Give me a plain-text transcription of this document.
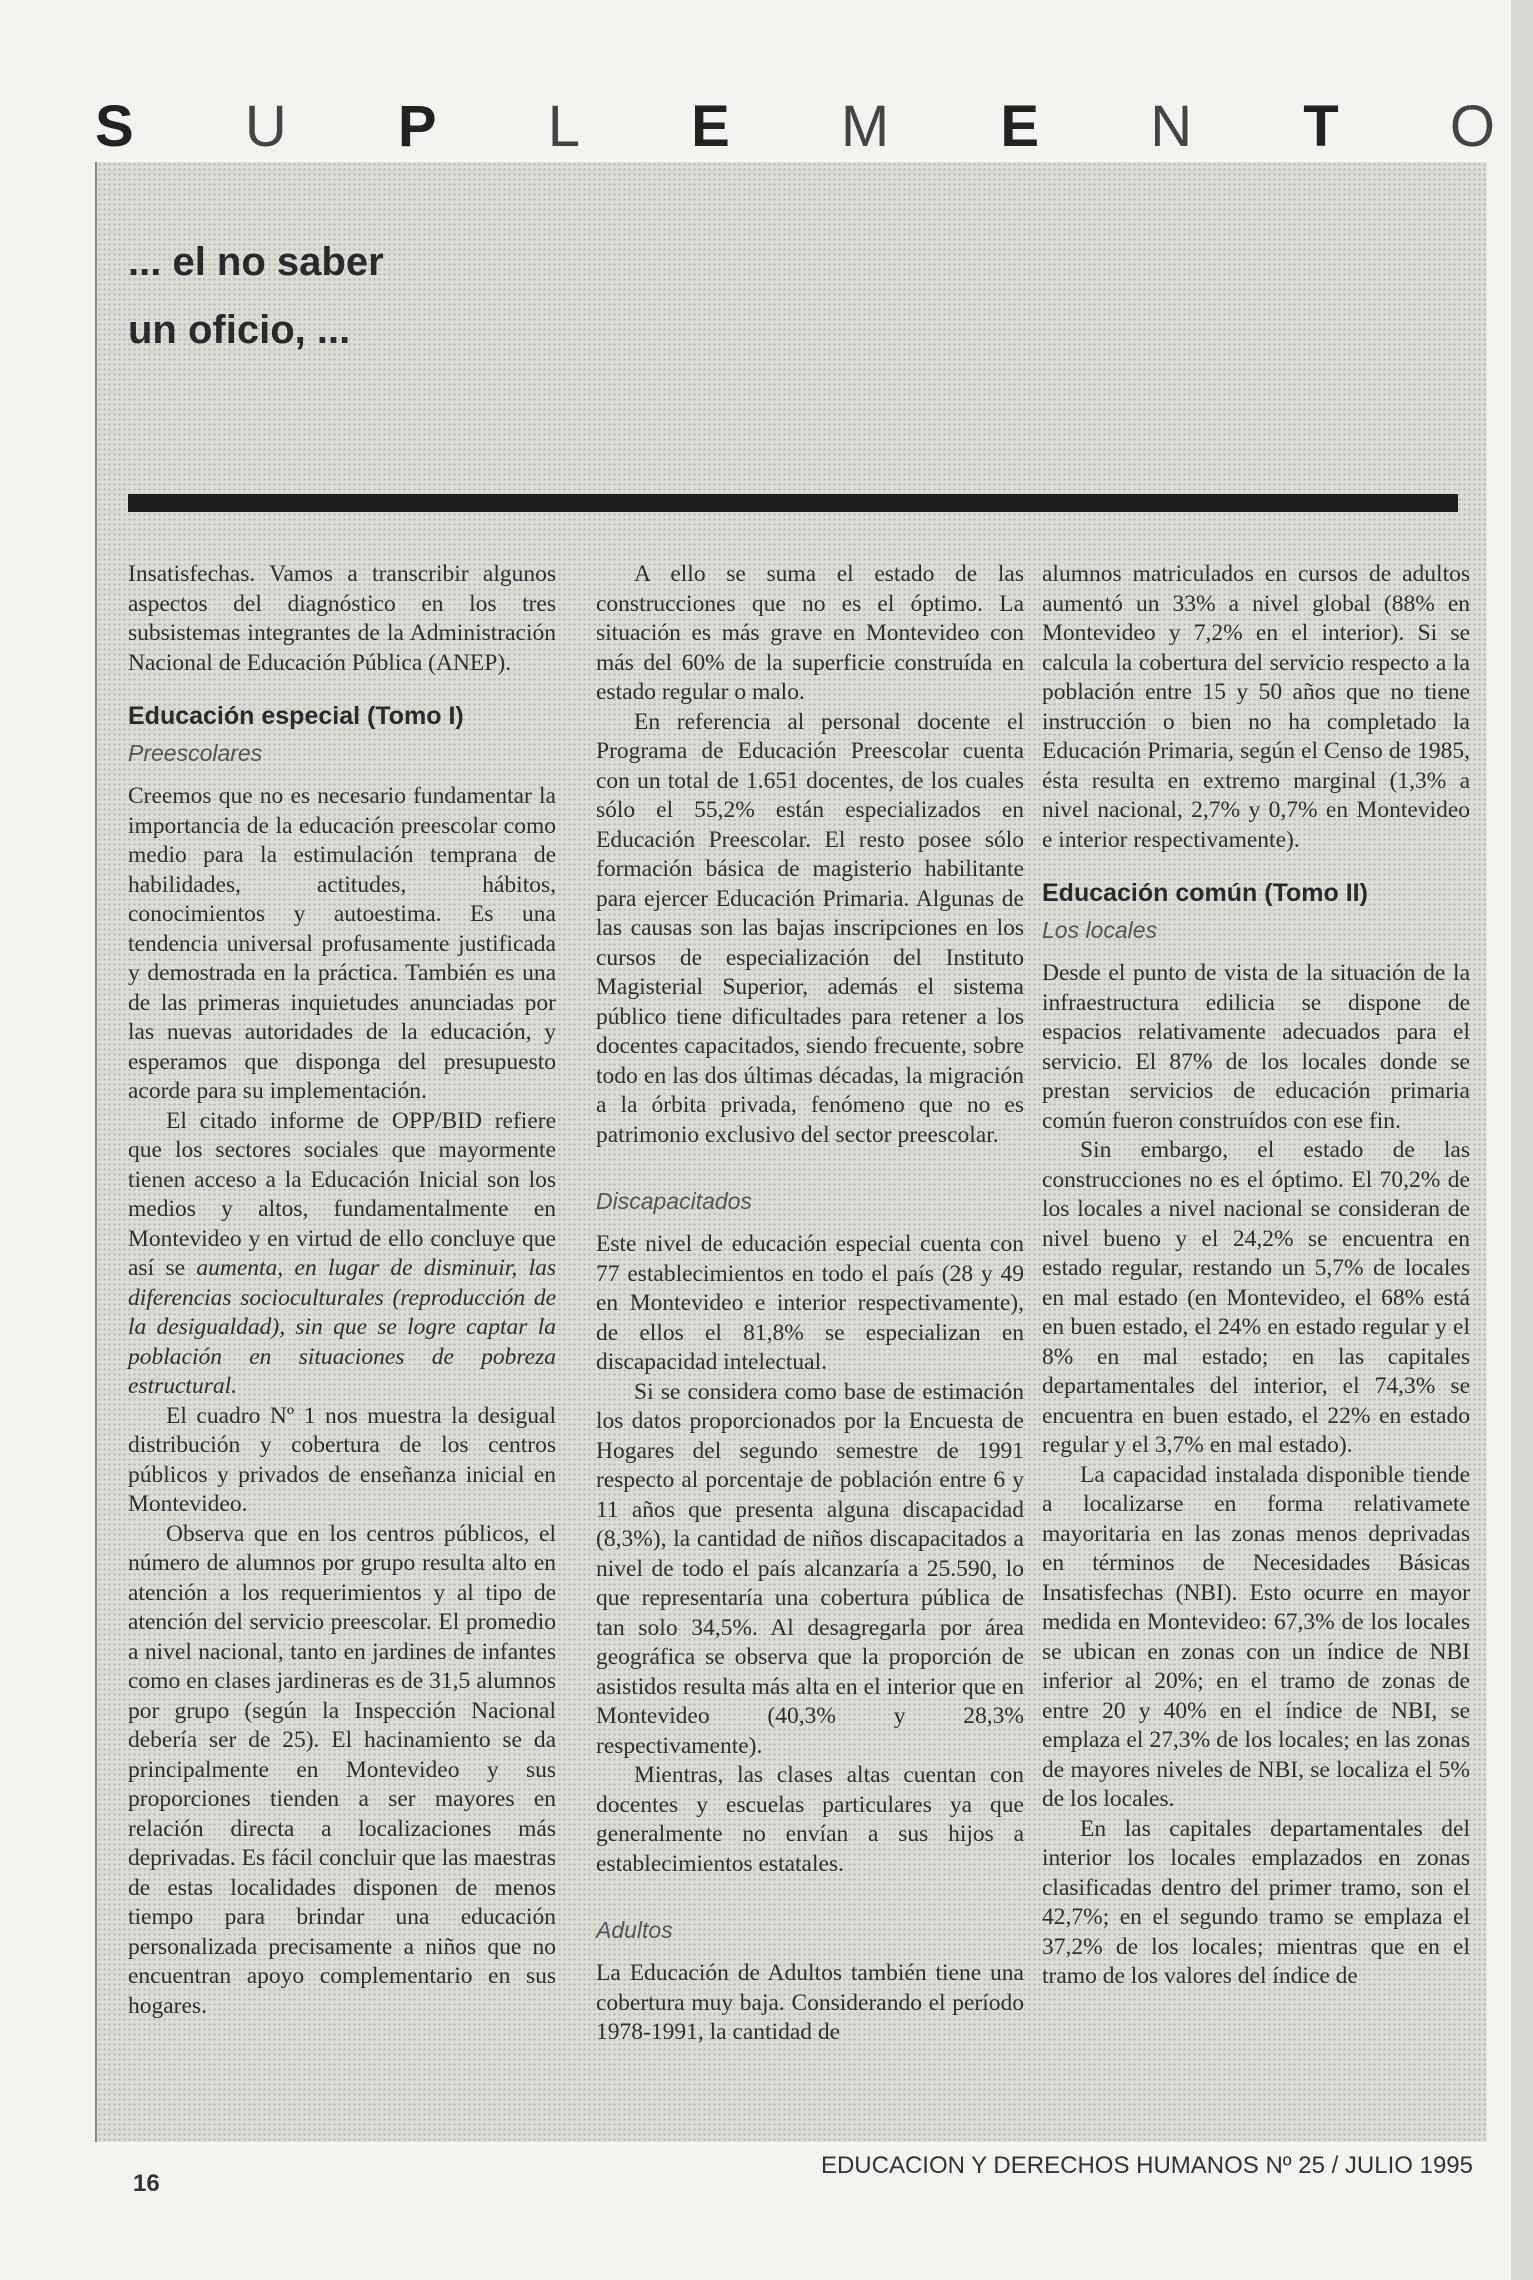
S U P L E M E N T O
... el no saber
un oficio, ...

Insatisfechas. Vamos a transcribir algunos aspectos del diagnóstico en los tres subsistemas integrantes de la Administración Nacional de Educación Pública (ANEP).

Educación especial (Tomo I)
Preescolares

Creemos que no es necesario fundamentar la importancia de la educación preescolar como medio para la estimulación temprana de habilidades, actitudes, hábitos, conocimientos y autoestima. Es una tendencia universal profusamente justificada y demostrada en la práctica. También es una de las primeras inquietudes anunciadas por las nuevas autoridades de la educación, y esperamos que disponga del presupuesto acorde para su implementación.

El citado informe de OPP/BID refiere que los sectores sociales que mayormente tienen acceso a la Educación Inicial son los medios y altos, fundamentalmente en Montevideo y en virtud de ello concluye que así se aumenta, en lugar de disminuir, las diferencias socioculturales (reproducción de la desigualdad), sin que se logre captar la población en situaciones de pobreza estructural.

El cuadro Nº 1 nos muestra la desigual distribución y cobertura de los centros públicos y privados de enseñanza inicial en Montevideo.

Observa que en los centros públicos, el número de alumnos por grupo resulta alto en atención a los requerimientos y al tipo de atención del servicio preescolar. El promedio a nivel nacional, tanto en jardines de infantes como en clases jardineras es de 31,5 alumnos por grupo (según la Inspección Nacional debería ser de 25). El hacinamiento se da principalmente en Montevideo y sus proporciones tienden a ser mayores en relación directa a localizaciones más deprivadas. Es fácil concluir que las maestras de estas localidades disponen de menos tiempo para brindar una educación personalizada precisamente a niños que no encuentran apoyo complementario en sus hogares.

A ello se suma el estado de las construcciones que no es el óptimo. La situación es más grave en Montevideo con más del 60% de la superficie construída en estado regular o malo.

En referencia al personal docente el Programa de Educación Preescolar cuenta con un total de 1.651 docentes, de los cuales sólo el 55,2% están especializados en Educación Preescolar. El resto posee sólo formación básica de magisterio habilitante para ejercer Educación Primaria. Algunas de las causas son las bajas inscripciones en los cursos de especialización del Instituto Magisterial Superior, además el sistema público tiene dificultades para retener a los docentes capacitados, siendo frecuente, sobre todo en las dos últimas décadas, la migración a la órbita privada, fenómeno que no es patrimonio exclusivo del sector preescolar.

Discapacitados

Este nivel de educación especial cuenta con 77 establecimientos en todo el país (28 y 49 en Montevideo e interior respectivamente), de ellos el 81,8% se especializan en discapacidad intelectual.

Si se considera como base de estimación los datos proporcionados por la Encuesta de Hogares del segundo semestre de 1991 respecto al porcentaje de población entre 6 y 11 años que presenta alguna discapacidad (8,3%), la cantidad de niños discapacitados a nivel de todo el país alcanzaría a 25.590, lo que representaría una cobertura pública de tan solo 34,5%. Al desagregarla por área geográfica se observa que la proporción de asistidos resulta más alta en el interior que en Montevideo (40,3% y 28,3% respectivamente).

Mientras, las clases altas cuentan con docentes y escuelas particulares ya que generalmente no envían a sus hijos a establecimientos estatales.

Adultos

La Educación de Adultos también tiene una cobertura muy baja. Considerando el período 1978-1991, la cantidad de

alumnos matriculados en cursos de adultos aumentó un 33% a nivel global (88% en Montevideo y 7,2% en el interior). Si se calcula la cobertura del servicio respecto a la población entre 15 y 50 años que no tiene instrucción o bien no ha completado la Educación Primaria, según el Censo de 1985, ésta resulta en extremo marginal (1,3% a nivel nacional, 2,7% y 0,7% en Montevideo e interior respectivamente).

Educación común (Tomo II)
Los locales

Desde el punto de vista de la situación de la infraestructura edilicia se dispone de espacios relativamente adecuados para el servicio. El 87% de los locales donde se prestan servicios de educación primaria común fueron construídos con ese fin.

Sin embargo, el estado de las construcciones no es el óptimo. El 70,2% de los locales a nivel nacional se consideran de nivel bueno y el 24,2% se encuentra en estado regular, restando un 5,7% de locales en mal estado (en Montevideo, el 68% está en buen estado, el 24% en estado regular y el 8% en mal estado; en las capitales departamentales del interior, el 74,3% se encuentra en buen estado, el 22% en estado regular y el 3,7% en mal estado).

La capacidad instalada disponible tiende a localizarse en forma relativamete mayoritaria en las zonas menos deprivadas en términos de Necesidades Básicas Insatisfechas (NBI). Esto ocurre en mayor medida en Montevideo: 67,3% de los locales se ubican en zonas con un índice de NBI inferior al 20%; en el tramo de zonas de entre 20 y 40% en el índice de NBI, se emplaza el 27,3% de los locales; en las zonas de mayores niveles de NBI, se localiza el 5% de los locales.

En las capitales departamentales del interior los locales emplazados en zonas clasificadas dentro del primer tramo, son el 42,7%; en el segundo tramo se emplaza el 37,2% de los locales; mientras que en el tramo de los valores del índice de

16
EDUCACION Y DERECHOS HUMANOS Nº 25 / JULIO 1995
